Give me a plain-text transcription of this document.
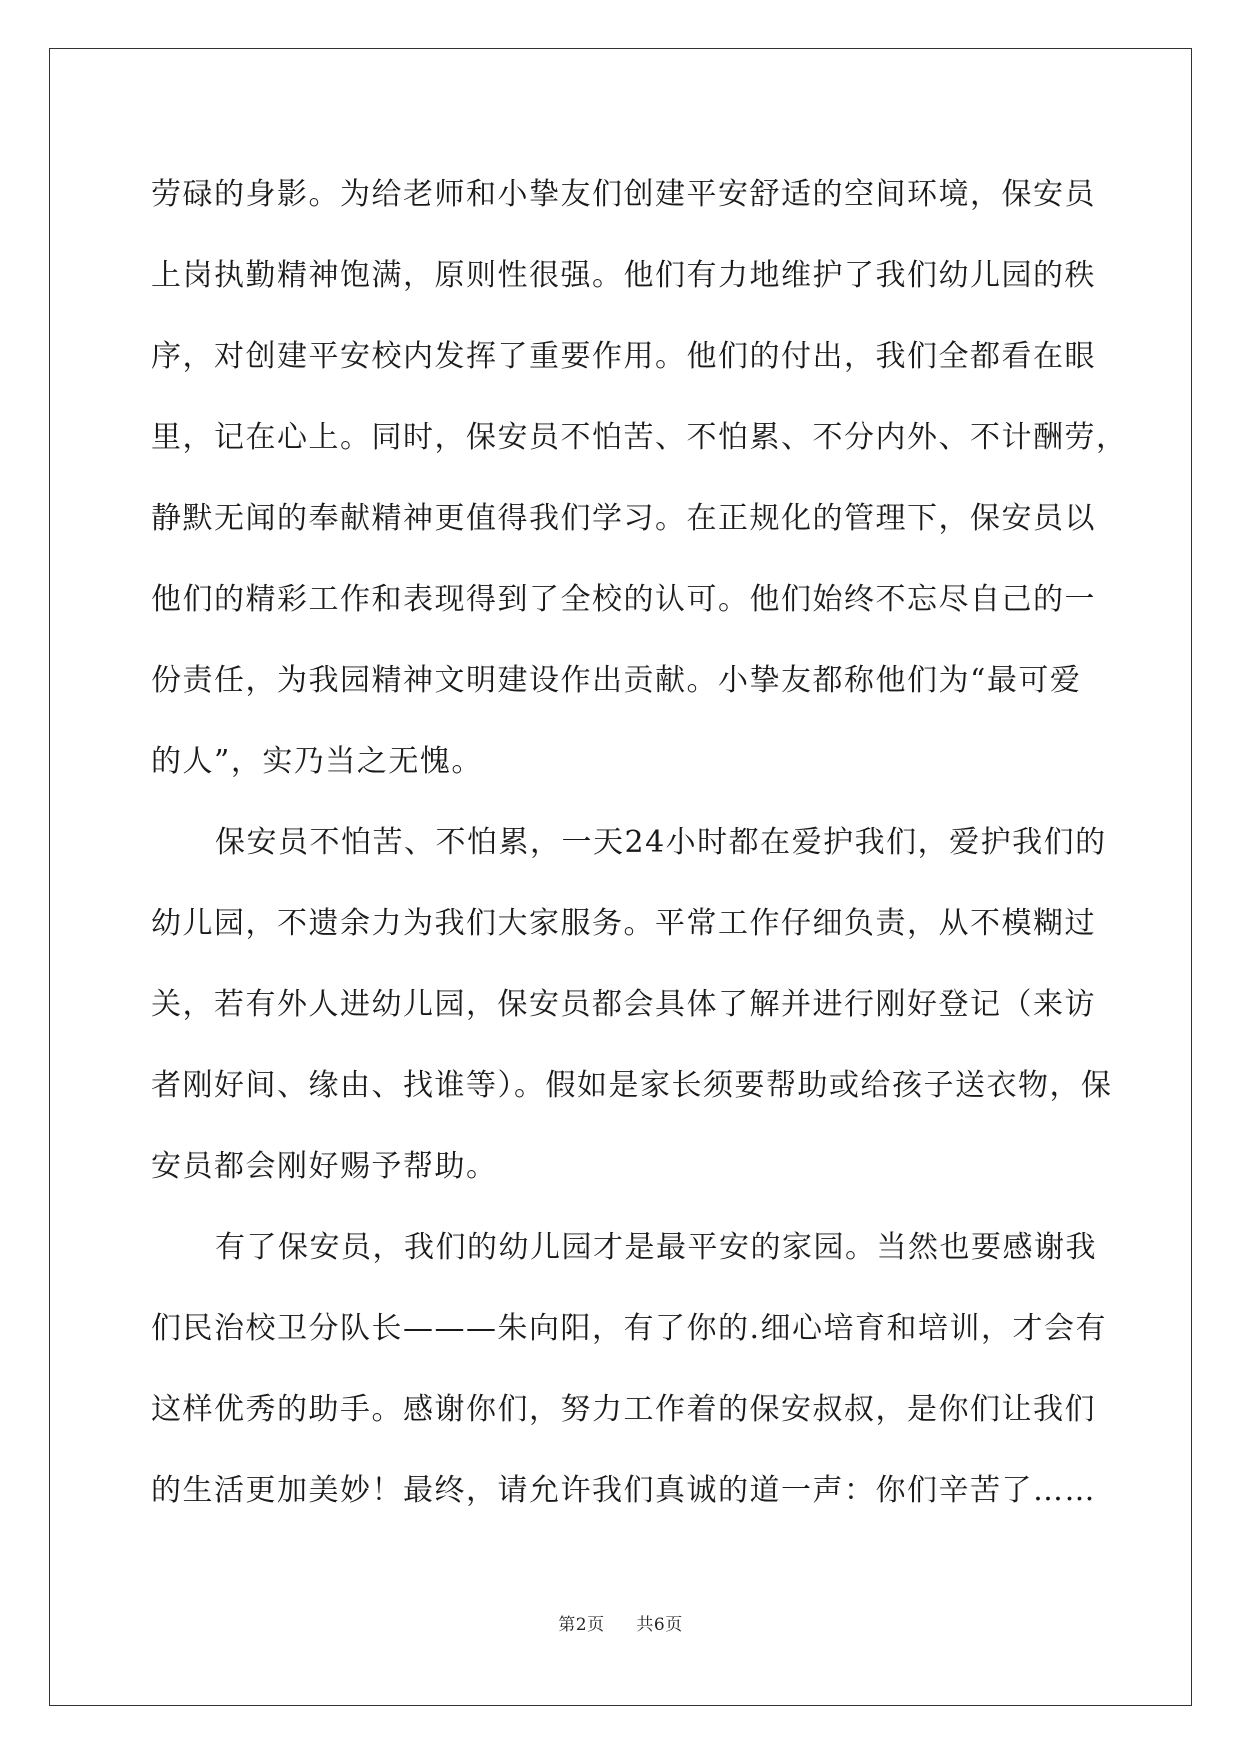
劳碌的身影。为给老师和小挚友们创建平安舒适的空间环境，保安员
上岗执勤精神饱满，原则性很强。他们有力地维护了我们幼儿园的秩
序，对创建平安校内发挥了重要作用。他们的付出，我们全都看在眼
里，记在心上。同时，保安员不怕苦、不怕累、不分内外、不计酬劳，
静默无闻的奉献精神更值得我们学习。在正规化的管理下，保安员以
他们的精彩工作和表现得到了全校的认可。他们始终不忘尽自己的一
份责任，为我园精神文明建设作出贡献。小挚友都称他们为“最可爱
的人”，实乃当之无愧。
保安员不怕苦、不怕累，一天24小时都在爱护我们，爱护我们的
幼儿园，不遗余力为我们大家服务。平常工作仔细负责，从不模糊过
关，若有外人进幼儿园，保安员都会具体了解并进行刚好登记（来访
者刚好间、缘由、找谁等）。假如是家长须要帮助或给孩子送衣物，保
安员都会刚好赐予帮助。
有了保安员，我们的幼儿园才是最平安的家园。当然也要感谢我
们民治校卫分队长———朱向阳，有了你的.细心培育和培训，才会有
这样优秀的助手。感谢你们，努力工作着的保安叔叔，是你们让我们
的生活更加美妙！最终，请允许我们真诚的道一声：你们辛苦了……
第2页 共6页
